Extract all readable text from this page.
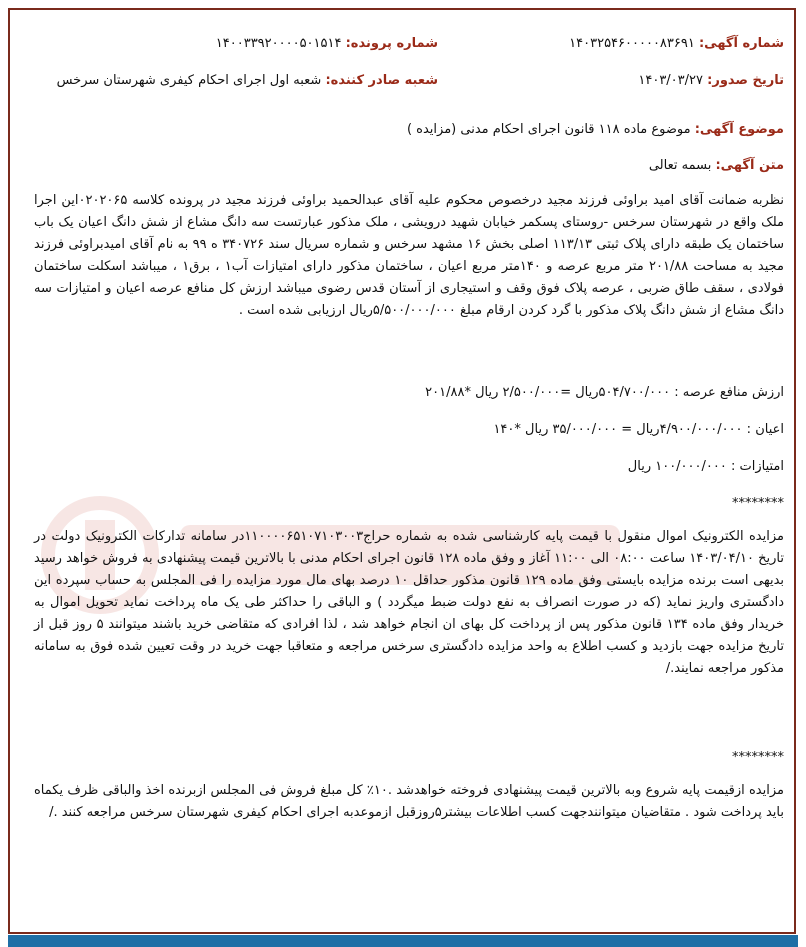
شماره آگهی: ۱۴۰۳۲۵۴۶۰۰۰۰۰۸۳۶۹۱
شماره پرونده: ۱۴۰۰۳۳۹۲۰۰۰۰۵۰۱۵۱۴
تاریخ صدور: ۱۴۰۳/۰۳/۲۷
شعبه صادر کننده: شعبه اول اجرای احکام کیفری شهرستان سرخس
موضوع آگهی: موضوع ماده ۱۱۸ قانون اجرای احکام مدنی (مزایده )
متن آگهی: بسمه تعالی
نظربه ضمانت آقای امید براوئی فرزند مجید درخصوص محکوم علیه آقای عبدالحمید براوئی فرزند مجید در پرونده کلاسه ۰۲۰۲۰۶۵این اجرا ملک واقع در شهرستان سرخس -روستای پسکمر خیابان شهید درویشی ، ملک مذکور عبارتست سه دانگ مشاع از شش دانگ اعیان یک باب ساختمان یک طبقه دارای پلاک ثبتی ۱۱۳/۱۳ اصلی بخش ۱۶ مشهد سرخس و شماره سریال سند ۳۴۰۷۲۶ ه ۹۹ به نام آقای امیدبراوئی فرزند مجید به مساحت ۲۰۱/۸۸ متر مربع عرصه و ۱۴۰متر مربع اعیان ، ساختمان مذکور دارای امتیازات آب۱ ، برق۱ ، میباشد اسکلت ساختمان فولادی ، سقف طاق ضربی ، عرصه پلاک فوق وقف و استیجاری از آستان قدس رضوی میباشد ارزش کل منافع عرصه اعیان و امتیازات سه دانگ مشاع از شش دانگ پلاک مذکور با گرد کردن ارقام مبلغ ۵/۵۰۰/۰۰۰/۰۰۰ریال ارزیابی شده است .
ارزش منافع عرصه : ۵۰۴/۷۰۰/۰۰۰ریال =۲/۵۰۰/۰۰۰ ریال *۲۰۱/۸۸
اعیان : ۴/۹۰۰/۰۰۰/۰۰۰ریال = ۳۵/۰۰۰/۰۰۰ ریال *۱۴۰
امتیازات : ۱۰۰/۰۰۰/۰۰۰ ریال
********
مزایده الکترونیک اموال منقول با قیمت پایه کارشناسی شده به شماره حراج۱۱۰۰۰۰۶۵۱۰۷۱۰۳۰۰۳در سامانه تدارکات الکترونیک دولت در تاریخ ۱۴۰۳/۰۴/۱۰ ساعت ۰۸:۰۰ الی ۱۱:۰۰ آغاز و وفق ماده ۱۲۸ قانون اجرای احکام مدنی با بالاترین قیمت پیشنهادی به فروش خواهد رسید بدیهی است برنده مزایده بایستی وفق ماده ۱۲۹ قانون مذکور حداقل ۱۰ درصد بهای مال مورد مزایده را فی المجلس به حساب سپرده این دادگستری واریز نماید (که در صورت انصراف به نفع دولت ضبط میگردد ) و الباقی را حداکثر طی یک ماه پرداخت نماید تحویل اموال به خریدار وفق ماده ۱۳۴ قانون مذکور پس از پرداخت کل بهای ان انجام خواهد شد ، لذا افرادی که متقاضی خرید باشند میتوانند ۵ روز قبل از تاریخ مزایده جهت بازدید و کسب اطلاع به واحد مزایده دادگستری سرخس مراجعه و متعاقبا جهت خرید در وقت تعیین شده فوق به سامانه مذکور مراجعه نمایند./
********
مزایده ازقیمت پایه شروع وبه بالاترین قیمت پیشنهادی فروخته خواهدشد .۱۰٪ کل مبلغ فروش فی المجلس ازبرنده اخذ والباقی ظرف یکماه باید پرداخت شود . متقاضیان میتوانندجهت کسب اطلاعات بیشتر۵روزقبل ازموعدبه اجرای احکام کیفری شهرستان سرخس مراجعه کنند ./
